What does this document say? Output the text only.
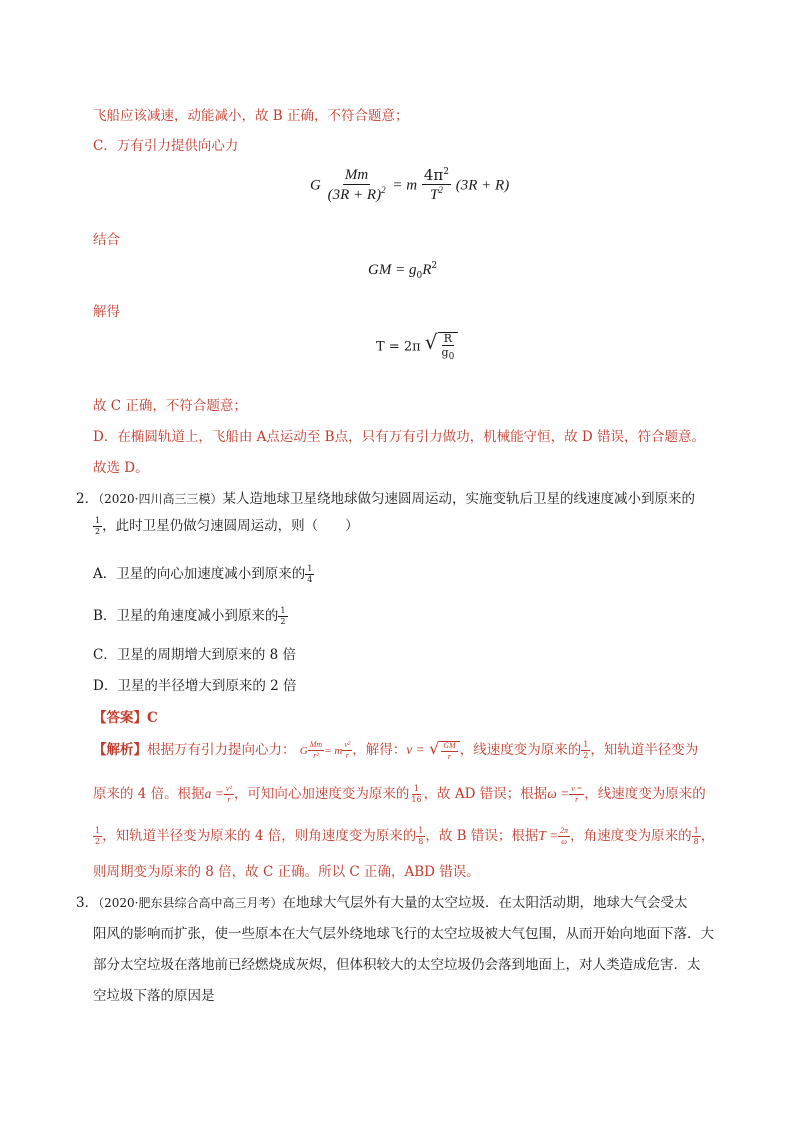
飞船应该减速，动能减小，故 B 正确，不符合题意；
C．万有引力提供向心力
G $\frac{Mm}{(3R + R)^2} = m \frac{4\pi^2}{T^2} (3R + R)$
结合
GM = $g_0R^2$
解得
T = 2π √ $\frac{R}{g_0}$
故 C 正确，不符合题意；
D．在椭圆轨道上，飞船由 A点运动至 B点，只有万有引力做功，机械能守恒，故 D 错误，符合题意。
故选 D。
2．（2020·四川高三三模）某人造地球卫星绕地球做匀速圆周运动，实施变轨后卫星的线速度减小到原来的
$\frac{1}{2}$ ，此时卫星仍做匀速圆周运动，则（　　）
A．卫星的向心加速度减小到原来的 $\frac{1}{4}$
B．卫星的角速度减小到原来的 $\frac{1}{2}$
C．卫星的周期增大到原来的 8 倍
D．卫星的半径增大到原来的 2 倍
【答案】C
【解析】根据万有引力提向心力： G $\frac{Mm}{\text{r²}} = m \frac{\text{v²}}{r}$ ，解得：v = √ $\frac{GM}{r}$ ，线速度变为原来的 $\frac{1}{2}$ ，知轨道半径变为
原来的 4 倍。根据$a = \frac{\text{v²}}{r}$ ，可知向心加速度变为原来的 $\frac{1}{16}$ ，故 AD 错误；根据$\omega = \frac{v =}{r}$ ，线速度变为原来的
$\frac{1}{2}$ ，知轨道半径变为原来的 4 倍，则角速度变为原来的 $\frac{1}{8}$ ，故 B 错误；根据$T = \frac{2\pi}{\omega}$ ，角速度变为原来的 $\frac{1}{8}$ ，
则周期变为原来的 8 倍，故 C 正确。所以 C 正确，ABD 错误。
3．（2020·肥东县综合高中高三月考）在地球大气层外有大量的太空垃圾．在太阳活动期，地球大气会受太
阳风的影响而扩张，使一些原本在大气层外绕地球飞行的太空垃圾被大气包围，从而开始向地面下落．大
部分太空垃圾在落地前已经燃烧成灰烬，但体积较大的太空垃圾仍会落到地面上，对人类造成危害．太
空垃圾下落的原因是
